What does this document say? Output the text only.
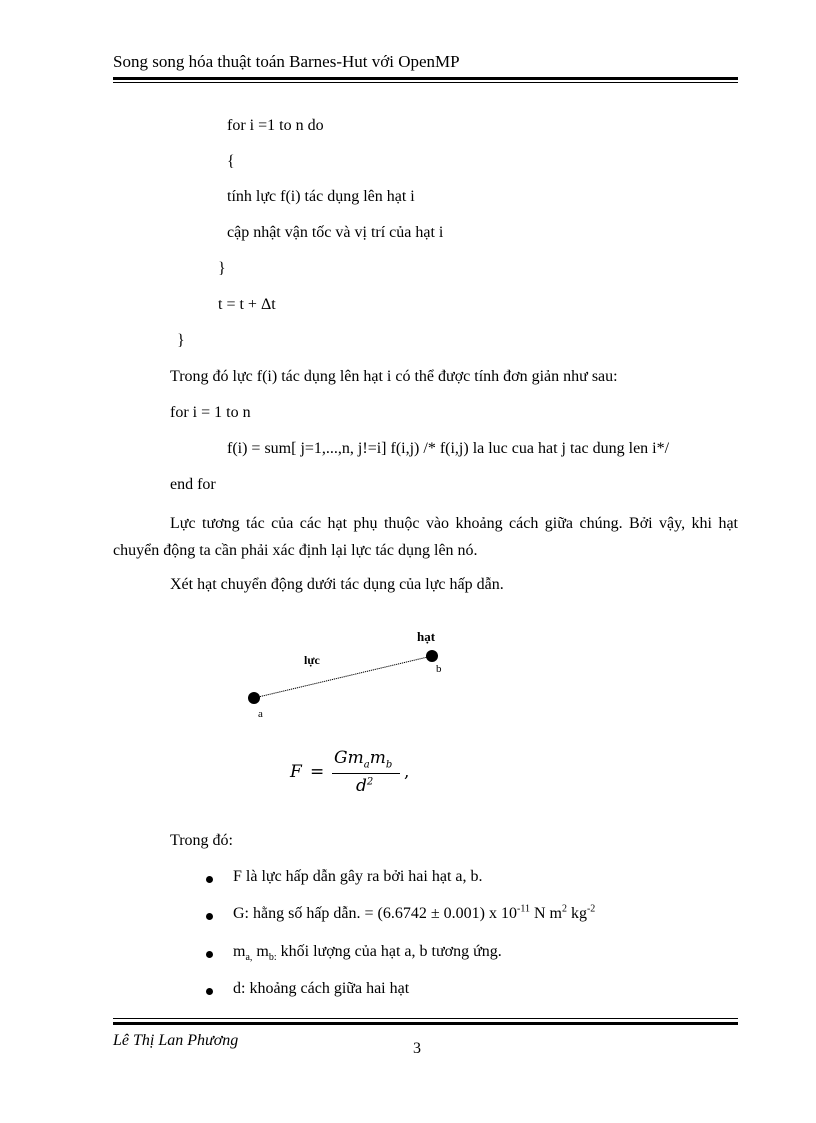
Song song hóa thuật toán Barnes-Hut với OpenMP
for i =1 to n do
{
tính lực f(i) tác dụng lên hạt i
cập nhật vận tốc và vị trí của hạt i
}
t = t + Δt
}
Trong đó lực f(i) tác dụng lên hạt i có thể được tính đơn giản như sau:
for i = 1 to n
f(i) = sum[ j=1,...,n, j!=i] f(i,j) /* f(i,j) la luc cua hat j tac dung len i*/
end for
Lực tương tác của các hạt phụ thuộc vào khoảng cách giữa chúng. Bởi vậy, khi hạt chuyển động ta cần phải xác định lại lực tác dụng lên nó.
Xét hạt chuyển động dưới tác dụng của lực hấp dẫn.
hạt
lực
b
a
F =
$Gm_am_b$
$d^2$ ,
Trong đó:
F là lực hấp dẫn gây ra bởi hai hạt a, b.
G: hằng số hấp dẫn. = (6.6742 ± 0.001) x $10^{-11}$ N $m^2$ $kg^{-2}$
$m_{a,}$ $m_{b:}$ khối lượng của hạt a, b tương ứng.
d: khoảng cách giữa hai hạt
Lê Thị Lan Phương	3
